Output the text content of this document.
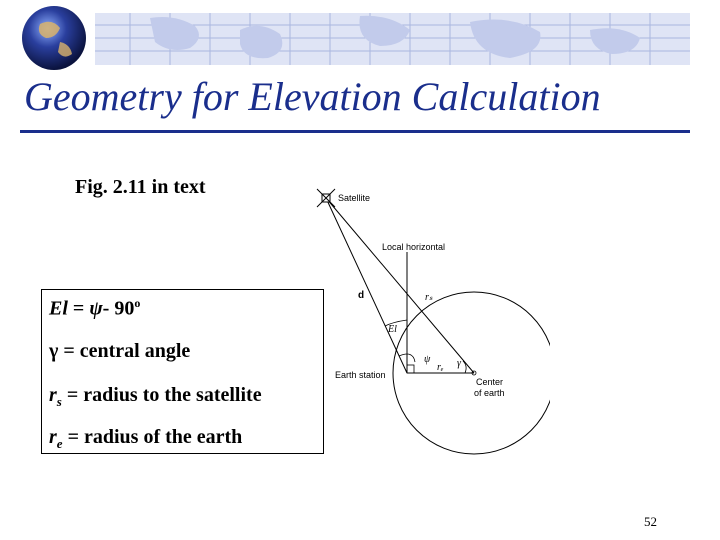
Geometry for Elevation Calculation
Fig. 2.11 in text
El = ψ- 90$^o$
γ = central angle
$r_s$ = radius to the satellite
$r_e$ = radius of the earth
Satellite
Local horizontal
Earth station
Center
of earth
d	rₛ
El
ψ
rₑ γ
52
